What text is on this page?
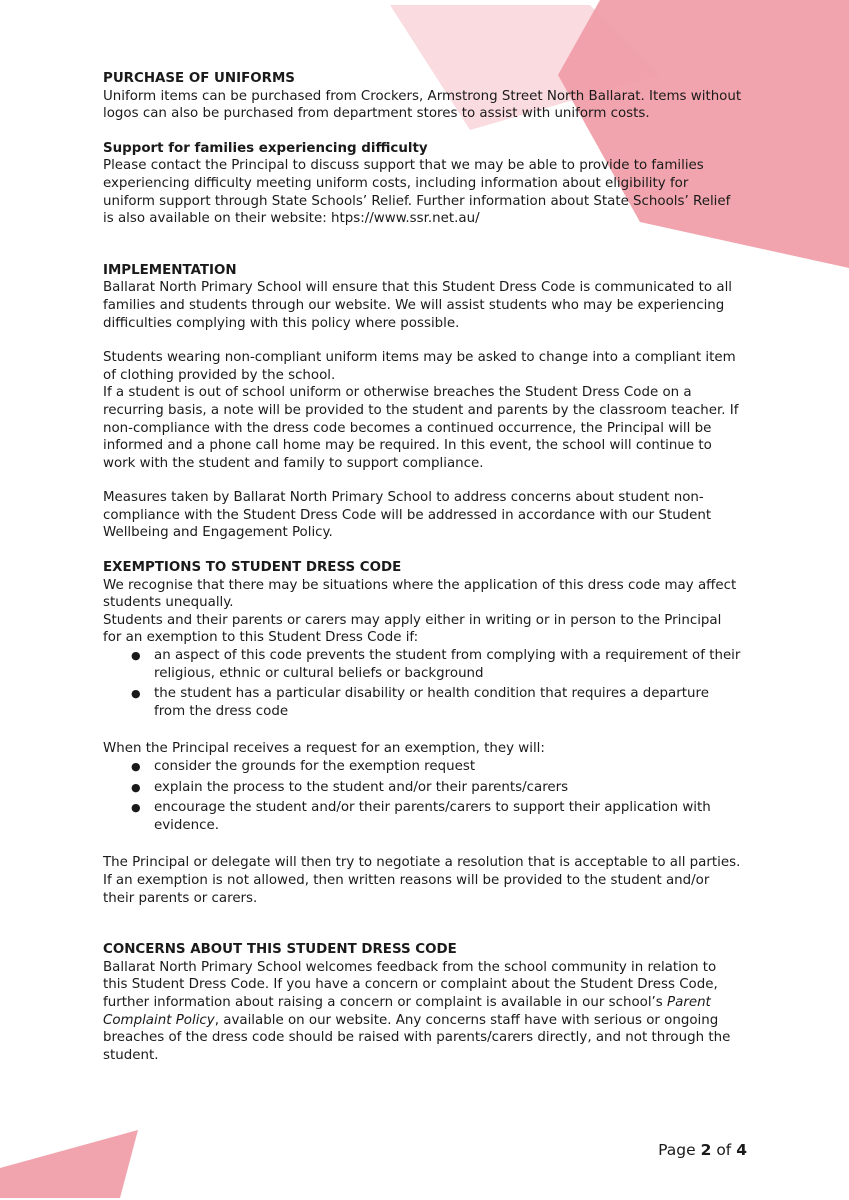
PURCHASE OF UNIFORMS

Uniform items can be purchased from Crockers, Armstrong Street North Ballarat. Items without logos can also be purchased from department stores to assist with uniform costs.

Support for families experiencing difficulty

Please contact the Principal to discuss support that we may be able to provide to families experiencing difficulty meeting uniform costs, including information about eligibility for uniform support through State Schools’ Relief. Further information about State Schools’ Relief is also available on their website: htps://www.ssr.net.au/

IMPLEMENTATION

Ballarat North Primary School will ensure that this Student Dress Code is communicated to all families and students through our website. We will assist students who may be experiencing difficulties complying with this policy where possible.

Students wearing non-compliant uniform items may be asked to change into a compliant item of clothing provided by the school.

If a student is out of school uniform or otherwise breaches the Student Dress Code on a recurring basis, a note will be provided to the student and parents by the classroom teacher. If non-compliance with the dress code becomes a continued occurrence, the Principal will be informed and a phone call home may be required. In this event, the school will continue to work with the student and family to support compliance.

Measures taken by Ballarat North Primary School to address concerns about student non-compliance with the Student Dress Code will be addressed in accordance with our Student Wellbeing and Engagement Policy.

EXEMPTIONS TO STUDENT DRESS CODE

We recognise that there may be situations where the application of this dress code may affect students unequally.

Students and their parents or carers may apply either in writing or in person to the Principal for an exemption to this Student Dress Code if:

● an aspect of this code prevents the student from complying with a requirement of their religious, ethnic or cultural beliefs or background
● the student has a particular disability or health condition that requires a departure from the dress code

When the Principal receives a request for an exemption, they will:

● consider the grounds for the exemption request
● explain the process to the student and/or their parents/carers
● encourage the student and/or their parents/carers to support their application with evidence.

The Principal or delegate will then try to negotiate a resolution that is acceptable to all parties. If an exemption is not allowed, then written reasons will be provided to the student and/or their parents or carers.

CONCERNS ABOUT THIS STUDENT DRESS CODE

Ballarat North Primary School welcomes feedback from the school community in relation to this Student Dress Code. If you have a concern or complaint about the Student Dress Code, further information about raising a concern or complaint is available in our school’s Parent Complaint Policy, available on our website. Any concerns staff have with serious or ongoing breaches of the dress code should be raised with parents/carers directly, and not through the student.

Page 2 of 4
